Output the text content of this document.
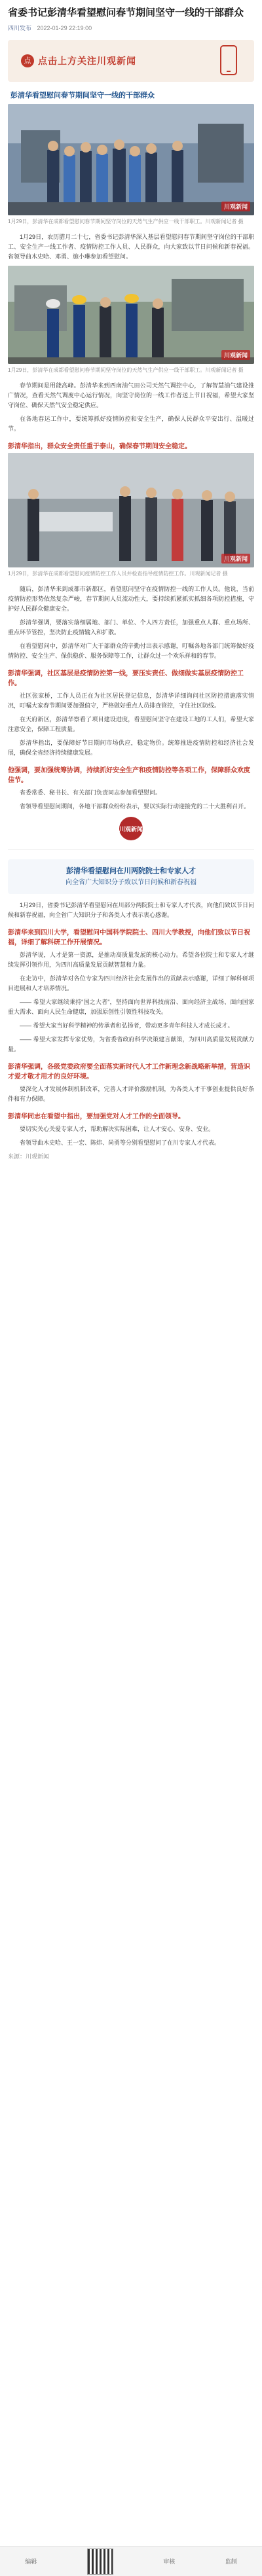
省委书记彭清华看望慰问春节期间坚守一线的干部群众
四川发布 2022-01-29 22:19:00
点 点击上方关注川观新闻
彭清华看望慰问春节期间坚守一线的干部群众
川观新闻
1月29日，彭清华在成都看望慰问春节期间坚守岗位的天然气生产供应一线干部职工。川观新闻记者 摄

1月29日，农历腊月二十七，省委书记彭清华深入基层看望慰问春节期间坚守岗位的干部职工、安全生产一线工作者、疫情防控工作人员、人民群众，向大家致以节日问候和新春祝福。省领导曲木史哈、邓勇、施小琳参加看望慰问。

川观新闻
1月29日，彭清华在成都看望慰问春节期间坚守岗位的天然气生产供应一线干部职工。川观新闻记者 摄

春节期间是用能高峰。彭清华来到西南油气田公司天然气调控中心，了解智慧油气建设推广情况，查看天然气调度中心运行情况，向坚守岗位的一线工作者送上节日祝福，希望大家坚守岗位、确保天然气安全稳定供应。

在各地春运工作中，要统筹抓好疫情防控和安全生产，确保人民群众平安出行、温暖过节。

彭清华指出，群众安全责任重于泰山，确保春节期间安全稳定。
川观新闻
1月29日，彭清华在成都看望慰问疫情防控工作人员并检查指导疫情防控工作。川观新闻记者 摄

随后，彭清华来到成都市新都区，看望慰问坚守在疫情防控一线的工作人员。他说，当前疫情防控形势依然复杂严峻，春节期间人员流动性大，要持续抓紧抓实抓细各项防控措施，守护好人民群众健康安全。

彭清华强调，要落实落细属地、部门、单位、个人四方责任，加强重点人群、重点场所、重点环节管控，坚决防止疫情输入和扩散。

在看望慰问中，彭清华对广大干部群众的辛勤付出表示感谢，叮嘱各地各部门统筹做好疫情防控、安全生产、保供稳价、服务保障等工作，让群众过一个欢乐祥和的春节。

彭清华强调，社区基层是疫情防控第一线，要压实责任、做细做实基层疫情防控工作。

社区张家桥，工作人员正在为社区居民登记信息，彭清华详细询问社区防控措施落实情况，叮嘱大家春节期间要加强值守，严格做好重点人员排查管控，守住社区防线。

在天府新区，彭清华察看了项目建设进度，看望慰问坚守在建设工地的工人们，希望大家注意安全，保障工程质量。

彭清华指出，要保障好节日期间市场供应，稳定物价。统筹推进疫情防控和经济社会发展，确保全省经济持续健康发展。

他强调，要加强统筹协调，持续抓好安全生产和疫情防控等各项工作，保障群众欢度佳节。

省委常委、秘书长、有关部门负责同志参加看望慰问。

省领导看望慰问期间，各地干部群众纷纷表示，要以实际行动迎接党的二十大胜利召开。

川观新闻
彭清华看望慰问在川两院院士和专家人才
向全省广大知识分子致以节日问候和新春祝福

1月29日，省委书记彭清华看望慰问在川部分两院院士和专家人才代表，向他们致以节日问候和新春祝福，向全省广大知识分子和各类人才表示衷心感谢。

彭清华来到四川大学，看望慰问中国科学院院士、四川大学教授，向他们致以节日祝福，详细了解科研工作开展情况。

彭清华说，人才是第一资源，是推动高质量发展的核心动力。希望各位院士和专家人才继续发挥引领作用，为四川高质量发展贡献智慧和力量。

在走访中，彭清华对各位专家为四川经济社会发展作出的贡献表示感谢，详细了解科研项目进展和人才培养情况。

—— 希望大家继续秉持“国之大者”，坚持面向世界科技前沿、面向经济主战场、面向国家重大需求、面向人民生命健康，加强原创性引领性科技攻关。

—— 希望大家当好科学精神的传承者和弘扬者，带动更多青年科技人才成长成才。

—— 希望大家发挥专家优势，为省委省政府科学决策建言献策，为四川高质量发展贡献力量。

彭清华强调，各级党委政府要全面落实新时代人才工作新理念新战略新举措，营造识才爱才敬才用才的良好环境。

要深化人才发展体制机制改革，完善人才评价激励机制，为各类人才干事创业提供良好条件和有力保障。

彭清华同志在看望中指出，要加强党对人才工作的全面领导。

要切实关心关爱专家人才，帮助解决实际困难，让人才安心、安身、安业。

省领导曲木史哈、王一宏、陈炜、尚勇等分别看望慰问了在川专家人才代表。

来源：川观新闻
编辑	审核	监制
